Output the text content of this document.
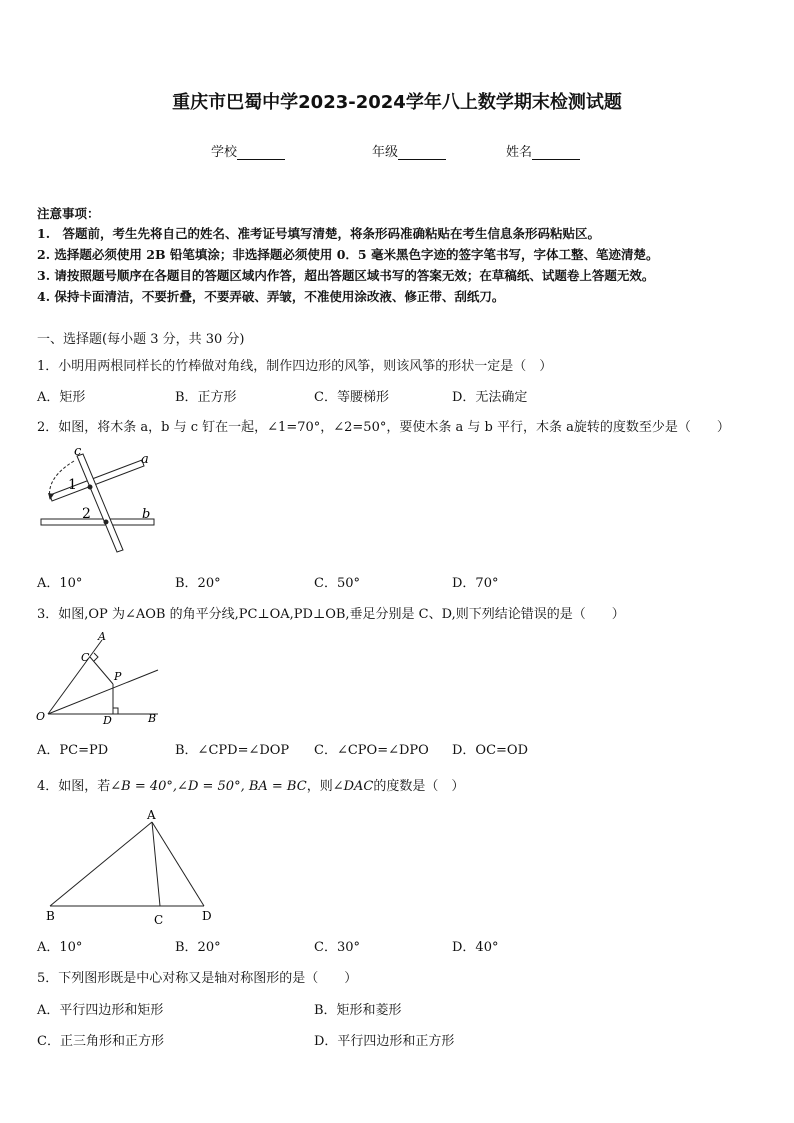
重庆市巴蜀中学2023-2024学年八上数学期末检测试题
学校	年级	姓名
注意事项：
1.　答题前，考生先将自己的姓名、准考证号填写清楚，将条形码准确粘贴在考生信息条形码粘贴区。
2. 选择题必须使用 2B 铅笔填涂；非选择题必须使用 0．5 毫米黑色字迹的签字笔书写，字体工整、笔迹清楚。
3. 请按照题号顺序在各题目的答题区域内作答，超出答题区域书写的答案无效；在草稿纸、试题卷上答题无效。
4. 保持卡面清洁，不要折叠，不要弄破、弄皱，不准使用涂改液、修正带、刮纸刀。
一、选择题(每小题 3 分，共 30 分)
1．小明用两根同样长的竹棒做对角线，制作四边形的风筝，则该风筝的形状一定是（　）
A．矩形	B．正方形	C．等腰梯形	D．无法确定
2．如图，将木条 a，b 与 c 钉在一起，∠1=70°，∠2=50°，要使木条 a 与 b 平行，木条 a旋转的度数至少是（　　）
c
a
b
1
2
A．10°	B．20°	C．50°	D．70°
3．如图,OP 为∠AOB 的角平分线,PC⊥OA,PD⊥OB,垂足分别是 C、D,则下列结论错误的是（　　）
A
C
P
O	D	B
A．PC=PD	B．∠CPD=∠DOP C．∠CPO=∠DPO D．OC=OD
4．如图，若∠B = 40°,∠D = 50°, BA = BC，则∠DAC的度数是（　）
A
B	C	D
A．10°	B．20°	C．30°	D．40°
5．下列图形既是中心对称又是轴对称图形的是（　　）
A．平行四边形和矩形	B．矩形和菱形
C．正三角形和正方形	D．平行四边形和正方形
